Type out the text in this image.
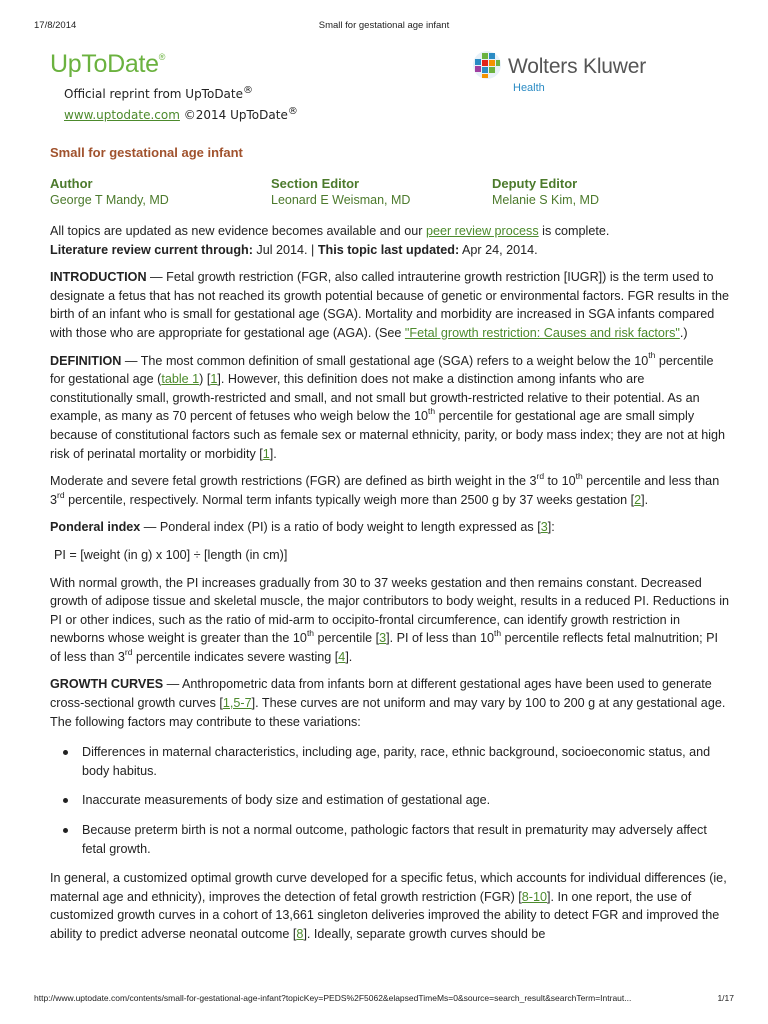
17/8/2014	Small for gestational age infant
UpToDate®	Wolters Kluwer
Health
Official reprint from UpToDate®
www.uptodate.com ©2014 UpToDate®
Small for gestational age infant
Author
George T Mandy, MD
Section Editor
Leonard E Weisman, MD
Deputy Editor
Melanie S Kim, MD

All topics are updated as new evidence becomes available and our peer review process is complete.
Literature review current through: Jul 2014. | This topic last updated: Apr 24, 2014.

INTRODUCTION — Fetal growth restriction (FGR, also called intrauterine growth restriction [IUGR]) is the term used to designate a fetus that has not reached its growth potential because of genetic or environmental factors. FGR results in the birth of an infant who is small for gestational age (SGA). Mortality and morbidity are increased in SGA infants compared with those who are appropriate for gestational age (AGA). (See "Fetal growth restriction: Causes and risk factors".)

DEFINITION — The most common definition of small gestational age (SGA) refers to a weight below the 10th percentile for gestational age (table 1) [1]. However, this definition does not make a distinction among infants who are constitutionally small, growth-restricted and small, and not small but growth-restricted relative to their potential. As an example, as many as 70 percent of fetuses who weigh below the 10th percentile for gestational age are small simply because of constitutional factors such as female sex or maternal ethnicity, parity, or body mass index; they are not at high risk of perinatal mortality or morbidity [1].

Moderate and severe fetal growth restrictions (FGR) are defined as birth weight in the 3rd to 10th percentile and less than 3rd percentile, respectively. Normal term infants typically weigh more than 2500 g by 37 weeks gestation [2].

Ponderal index — Ponderal index (PI) is a ratio of body weight to length expressed as [3]:

PI = [weight (in g) x 100] ÷ [length (in cm)]

With normal growth, the PI increases gradually from 30 to 37 weeks gestation and then remains constant. Decreased growth of adipose tissue and skeletal muscle, the major contributors to body weight, results in a reduced PI. Reductions in PI or other indices, such as the ratio of mid-arm to occipito-frontal circumference, can identify growth restriction in newborns whose weight is greater than the 10th percentile [3]. PI of less than 10th percentile reflects fetal malnutrition; PI of less than 3rd percentile indicates severe wasting [4].

GROWTH CURVES — Anthropometric data from infants born at different gestational ages have been used to generate cross-sectional growth curves [1,5-7]. These curves are not uniform and may vary by 100 to 200 g at any gestational age. The following factors may contribute to these variations:

Differences in maternal characteristics, including age, parity, race, ethnic background, socioeconomic status, and body habitus.
Inaccurate measurements of body size and estimation of gestational age.
Because preterm birth is not a normal outcome, pathologic factors that result in prematurity may adversely affect fetal growth.

In general, a customized optimal growth curve developed for a specific fetus, which accounts for individual differences (ie, maternal age and ethnicity), improves the detection of fetal growth restriction (FGR) [8-10]. In one report, the use of customized growth curves in a cohort of 13,661 singleton deliveries improved the ability to detect FGR and improved the ability to predict adverse neonatal outcome [8]. Ideally, separate growth curves should be

http://www.uptodate.com/contents/small-for-gestational-age-infant?topicKey=PEDS%2F5062&elapsedTimeMs=0&source=search_result&searchTerm=Intraut...	1/17
